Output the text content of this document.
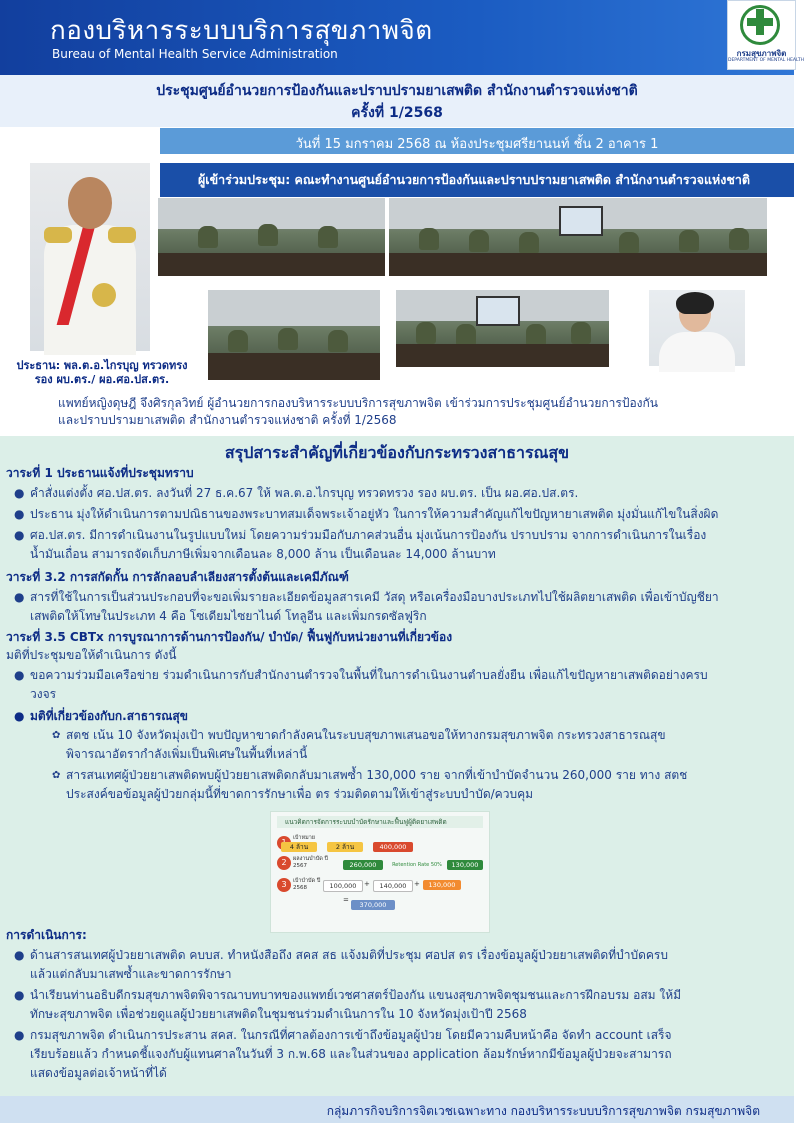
กองบริหารระบบบริการสุขภาพจิต
Bureau of Mental Health Service Administration	กรมสุขภาพจิต
DEPARTMENT OF MENTAL HEALTH
ประชุมศูนย์อำนวยการป้องกันและปราบปรามยาเสพติด สำนักงานตำรวจแห่งชาติ
ครั้งที่ 1/2568
วันที่ 15 มกราคม 2568 ณ ห้องประชุมศรียานนท์ ชั้น 2 อาคาร 1
ผู้เข้าร่วมประชุม: คณะทำงานศูนย์อำนวยการป้องกันและปราบปรามยาเสพติด สำนักงานตำรวจแห่งชาติ
ประธาน: พล.ต.อ.ไกรบุญ ทรวดทรง
รอง ผบ.ตร./ ผอ.ศอ.ปส.ตร.
แพทย์หญิงดุษฎี จึงศิรกุลวิทย์ ผู้อำนวยการกองบริหารระบบบริการสุขภาพจิต เข้าร่วมการประชุมศูนย์อำนวยการป้องกัน
และปราบปรามยาเสพติด สำนักงานตำรวจแห่งชาติ ครั้งที่ 1/2568
สรุปสาระสำคัญที่เกี่ยวข้องกับกระทรวงสาธารณสุข
วาระที่ 1 ประธานแจ้งที่ประชุมทราบ
● คำสั่งแต่งตั้ง ศอ.ปส.ตร. ลงวันที่ 27 ธ.ค.67 ให้ พล.ต.อ.ไกรบุญ ทรวดทรวง รอง ผบ.ตร. เป็น ผอ.ศอ.ปส.ตร.
● ประธาน มุ่งให้ดำเนินการตามปณิธานของพระบาทสมเด็จพระเจ้าอยู่หัว ในการให้ความสำคัญแก้ไขปัญหายาเสพติด มุ่งมั่นแก้ไขในสิ่งผิด
● ศอ.ปส.ตร. มีการดำเนินงานในรูปแบบใหม่ โดยความร่วมมือกับภาคส่วนอื่น มุ่งเน้นการป้องกัน ปราบปราม จากการดำเนินการในเรื่อง
น้ำมันเถื่อน สามารถจัดเก็บภาษีเพิ่มจากเดือนละ 8,000 ล้าน เป็นเดือนละ 14,000 ล้านบาท
วาระที่ 3.2 การสกัดกั้น การลักลอบลำเลียงสารตั้งต้นและเคมีภัณฑ์
● สารที่ใช้ในการเป็นส่วนประกอบที่จะขอเพิ่มรายละเอียดข้อมูลสารเคมี วัสดุ หรือเครื่องมือบางประเภทไปใช้ผลิตยาเสพติด เพื่อเข้าบัญชียา
เสพติดให้โทษในประเภท 4 คือ โซเดียมไซยาไนด์ โทลูอีน และเพิ่มกรดซัลฟูริก
วาระที่ 3.5 CBTx การบูรณาการด้านการป้องกัน/ บำบัด/ ฟื้นฟูกับหน่วยงานที่เกี่ยวข้อง
มติที่ประชุมขอให้ดำเนินการ ดังนี้
● ขอความร่วมมือเครือข่าย ร่วมดำเนินการกับสำนักงานตำรวจในพื้นที่ในการดำเนินงานตำบลยั่งยืน เพื่อแก้ไขปัญหายาเสพติดอย่างครบ
วงจร
● มติที่เกี่ยวข้องกับก.สาธารณสุข
✿ สตช เน้น 10 จังหวัดมุ่งเป้า พบปัญหาขาดกำลังคนในระบบสุขภาพเสนอขอให้ทางกรมสุขภาพจิต กระทรวงสาธารณสุข
พิจารณาอัตรากำลังเพิ่มเป็นพิเศษในพื้นที่เหล่านี้
✿ สารสนเทศผู้ป่วยยาเสพติดพบผู้ป่วยยาเสพติดกลับมาเสพซ้ำ 130,000 ราย จากที่เข้าบำบัดจำนวน 260,000 ราย ทาง สตช
ประสงค์ขอข้อมูลผู้ป่วยกลุ่มนี้ที่ขาดการรักษาเพื่อ ตร ร่วมติดตามให้เข้าสู่ระบบบำบัด/ควบคุม
แนวคิดการจัดการระบบบำบัดรักษาและฟื้นฟูผู้ติดยาเสพติด
เป้าหมาย
4 ล้าน	2 ล้าน	400,000
2	ผลงานบำบัด ปี 2567	260,000	Retention Rate 50%	130,000
3	เป้าบำบัด ปี 2568	100,000	+	140,000	+	130,000
=
370,000
การดำเนินการ:
● ด้านสารสนเทศผู้ป่วยยาเสพติด คบบส. ทำหนังสือถึง สคส สธ แจ้งมติที่ประชุม ศอปส ตร เรื่องข้อมูลผู้ป่วยยาเสพติดที่บำบัดครบ
แล้วแต่กลับมาเสพซ้ำและขาดการรักษา
● นำเรียนท่านอธิบดีกรมสุขภาพจิตพิจารณาบทบาทของแพทย์เวชศาสตร์ป้องกัน แขนงสุขภาพจิตชุมชนและการฝึกอบรม อสม ให้มี
ทักษะสุขภาพจิต เพื่อช่วยดูแลผู้ป่วยยาเสพติดในชุมชนร่วมดำเนินการใน 10 จังหวัดมุ่งเป้าปี 2568
● กรมสุขภาพจิต ดำเนินการประสาน สคส. ในกรณีที่ศาลต้องการเข้าถึงข้อมูลผู้ป่วย โดยมีความคืบหน้าคือ จัดทำ account เสร็จ
เรียบร้อยแล้ว กำหนดชี้แจงกับผู้แทนศาลในวันที่ 3 ก.พ.68 และในส่วนของ application ล้อมรักษ์หากมีข้อมูลผู้ป่วยจะสามารถ
แสดงข้อมูลต่อเจ้าหน้าที่ได้
กลุ่มภารกิจบริการจิตเวชเฉพาะทาง กองบริหารระบบบริการสุขภาพจิต กรมสุขภาพจิต
